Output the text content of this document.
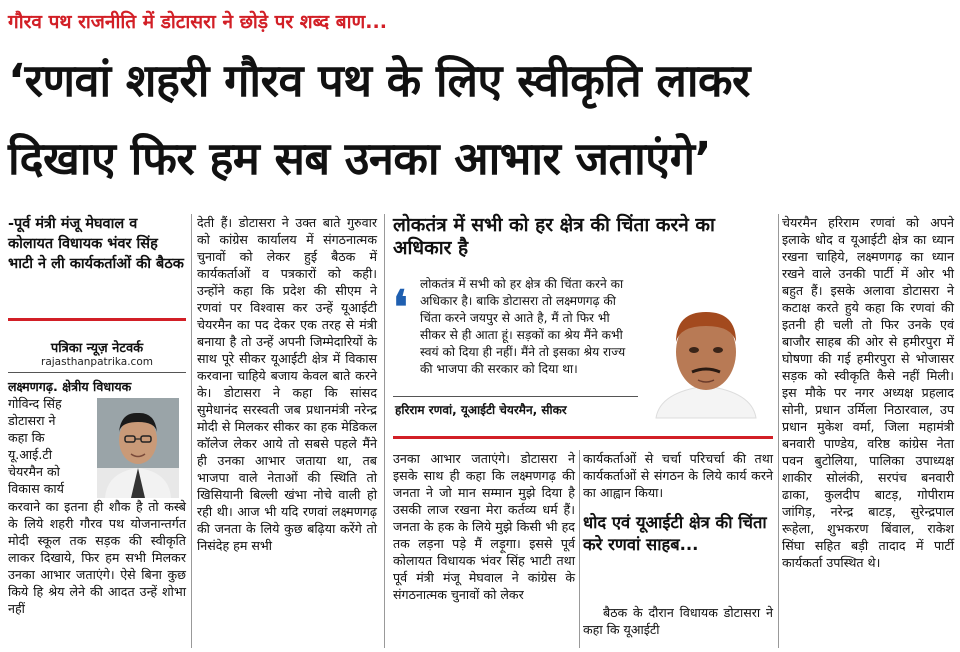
गौरव पथ राजनीति में डोटासरा ने छोड़े पर शब्द बाण...
‘रणवां शहरी गौरव पथ के लिए स्वीकृति लाकर
दिखाए फिर हम सब उनका आभार जताएंगे’
-पूर्व मंत्री मंजू मेघवाल व कोलायत विधायक भंवर सिंह भाटी ने ली कार्यकर्ताओं की बैठक
पत्रिका न्यूज़ नेटवर्क
rajasthanpatrika.com
लक्ष्मणगढ़. क्षेत्रीय विधायक
गोविन्द सिंह
डोटासरा ने
कहा कि
यू.आई.टी
चेयरमैन को
विकास कार्य

करवाने का इतना ही शौक है तो कस्बे के लिये शहरी गौरव पथ योजनान्तर्गत मोदी स्कूल तक सड़क की स्वीकृति लाकर दिखाये, फिर हम सभी मिलकर उनका आभार जताएंगे। ऐसे बिना कुछ किये हि श्रेय लेने की आदत उन्हें शोभा नहीं

देती हैं। डोटासरा ने उक्त बाते गुरुवार को कांग्रेस कार्यालय में संगठनात्मक चुनावों को लेकर हुई बैठक में कार्यकर्ताओं व पत्रकारों को कही। उन्होंने कहा कि प्रदेश की सीएम ने रणवां पर विश्वास कर उन्हें यूआईटी चेयरमैन का पद देकर एक तरह से मंत्री बनाया है तो उन्हें अपनी जिम्मेदारियों के साथ पूरे सीकर यूआईटी क्षेत्र में विकास करवाना चाहिये बजाय केवल बाते करने के। डोटासरा ने कहा कि सांसद सुमेधानंद सरस्वती जब प्रधानमंत्री नरेन्द्र मोदी से मिलकर सीकर का हक मेडिकल कॉलेज लेकर आये तो सबसे पहले मैंने ही उनका आभार जताया था, तब भाजपा वाले नेताओं की स्थिति तो खिसियानी बिल्ली खंभा नोचे वाली हो रही थी। आज भी यदि रणवां लक्ष्मणगढ़ की जनता के लिये कुछ बढ़िया करेंगे तो निसंदेह हम सभी

लोकतंत्र में सभी को हर क्षेत्र की चिंता करने का अधिकार है
❛ लोकतंत्र में सभी को हर क्षेत्र की चिंता करने का अधिकार है। बाकि डोटासरा तो लक्ष्मणगढ़ की चिंता करने जयपुर से आते है, मैं तो फिर भी सीकर से ही आता हूं। सड़कों का श्रेय मैंने कभी स्वयं को दिया ही नहीं। मैंने तो इसका श्रेय राज्य की भाजपा की सरकार को दिया था।
हरिराम रणवां, यूआईटी चेयरमैन, सीकर

उनका आभार जताएंगे। डोटासरा ने इसके साथ ही कहा कि लक्ष्मणगढ़ की जनता ने जो मान सम्मान मुझे दिया है उसकी लाज रखना मेरा कर्तव्य धर्म हैं। जनता के हक के लिये मुझे किसी भी हद तक लड़ना पड़े मैं लड़ूगा। इससे पूर्व कोलायत विधायक भंवर सिंह भाटी तथा पूर्व मंत्री मंजू मेघवाल ने कांग्रेस के संगठनात्मक चुनावों को लेकर

कार्यकर्ताओं से चर्चा परिचर्चा की तथा कार्यकर्ताओं से संगठन के लिये कार्य करने का आह्वान किया।

धोद एवं यूआईटी क्षेत्र की चिंता करे रणवां साहब...

बैठक के दौरान विधायक डोटासरा ने कहा कि यूआईटी

चेयरमैन हरिराम रणवां को अपने इलाके धोद व यूआईटी क्षेत्र का ध्यान रखना चाहिये, लक्ष्मणगढ़ का ध्यान रखने वाले उनकी पार्टी में ओर भी बहुत हैं। इसके अलावा डोटासरा ने कटाक्ष करते हुये कहा कि रणवां की इतनी ही चली तो फिर उनके एवं बाजौर साहब की ओर से हमीरपुरा में घोषणा की गई हमीरपुरा से भोजासर सड़क को स्वीकृति कैसे नहीं मिली। इस मौके पर नगर अध्यक्ष प्रहलाद सोनी, प्रधान उर्मिला निठारवाल, उप प्रधान मुकेश वर्मा, जिला महामंत्री बनवारी पाण्डेय, वरिष्ठ कांग्रेस नेता पवन बुटोलिया, पालिका उपाध्यक्ष शाकीर सोलंकी, सरपंच बनवारी ढाका, कुलदीप बाटड़, गोपीराम जांगिड़, नरेन्द्र बाटड़, सुरेन्द्रपाल रूहेला, शुभकरण बिंवाल, राकेश सिंघा सहित बड़ी तादाद में पार्टी कार्यकर्ता उपस्थित थे।
